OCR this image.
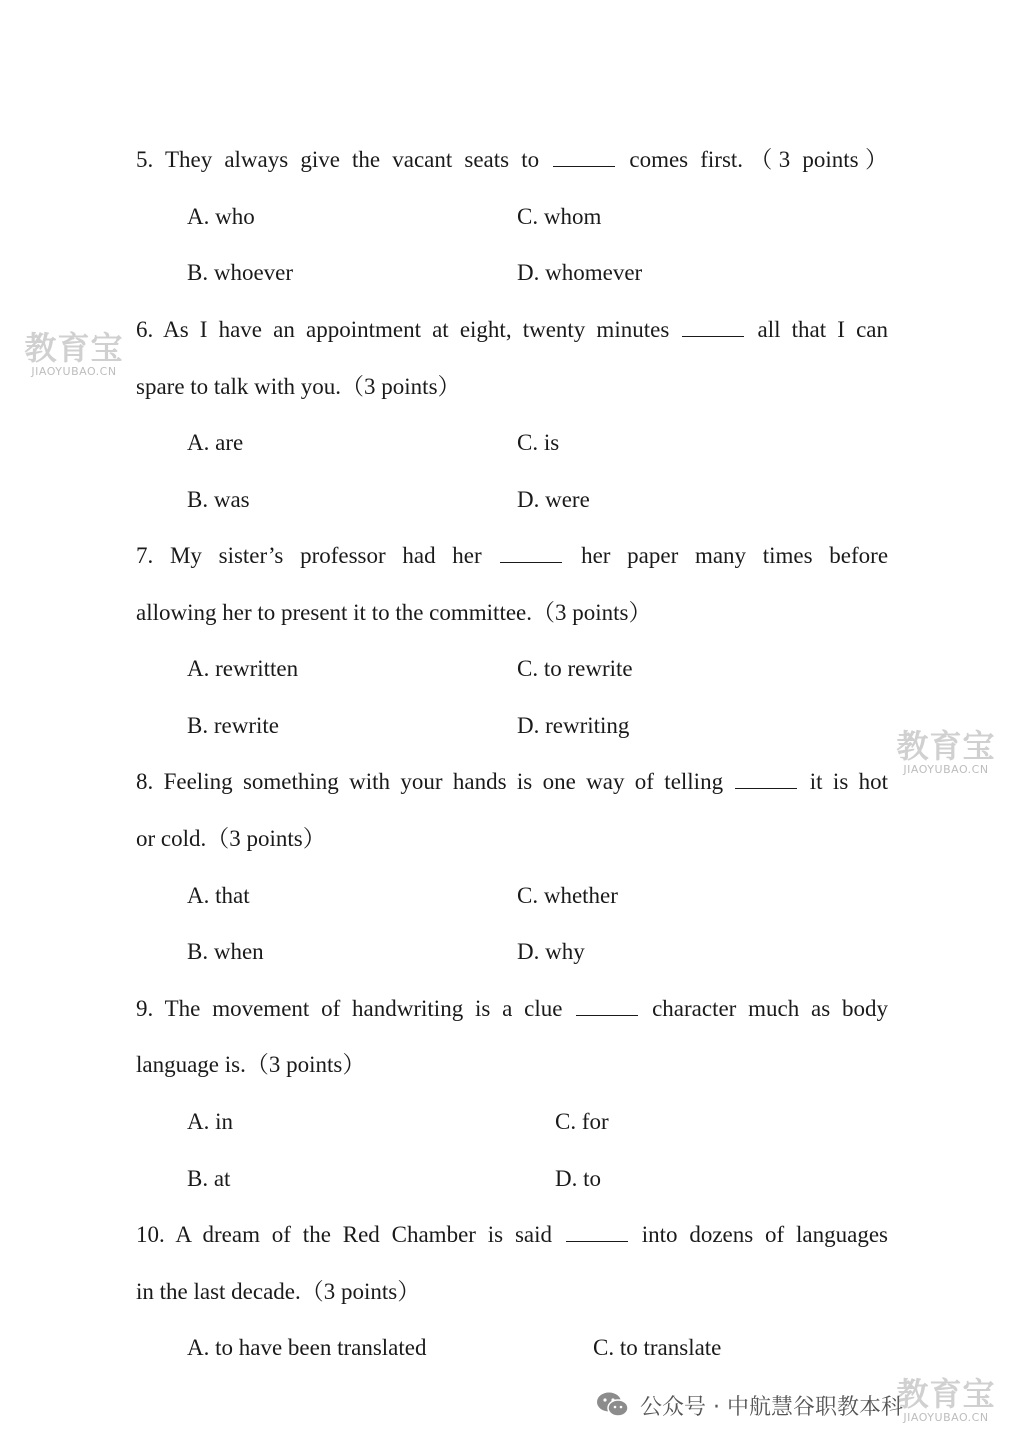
5. They always give the vacant seats to	comes first.（3 points）
A. who	C. whom
B. whoever	D. whomever
6. As I have an appointment at eight, twenty minutes	all that I can
spare to talk with you.（3 points）
A. are	C. is
B. was	D. were
7. My sister’s professor had her	her paper many times before
allowing her to present it to the committee.（3 points）
A. rewritten	C. to rewrite
B. rewrite	D. rewriting
8. Feeling something with your hands is one way of telling	it is hot
or cold.（3 points）
A. that	C. whether
B. when	D. why
9. The movement of handwriting is a clue	character much as body
language is.（3 points）
A. in	C. for
B. at	D. to
10. A dream of the Red Chamber is said	into dozens of languages
in the last decade.（3 points）
A. to have been translated	C. to translate
教育宝
JIAOYUBAO.CN
教育宝
JIAOYUBAO.CN
教育宝
JIAOYUBAO.CN
公众号 · 中航慧谷职教本科
